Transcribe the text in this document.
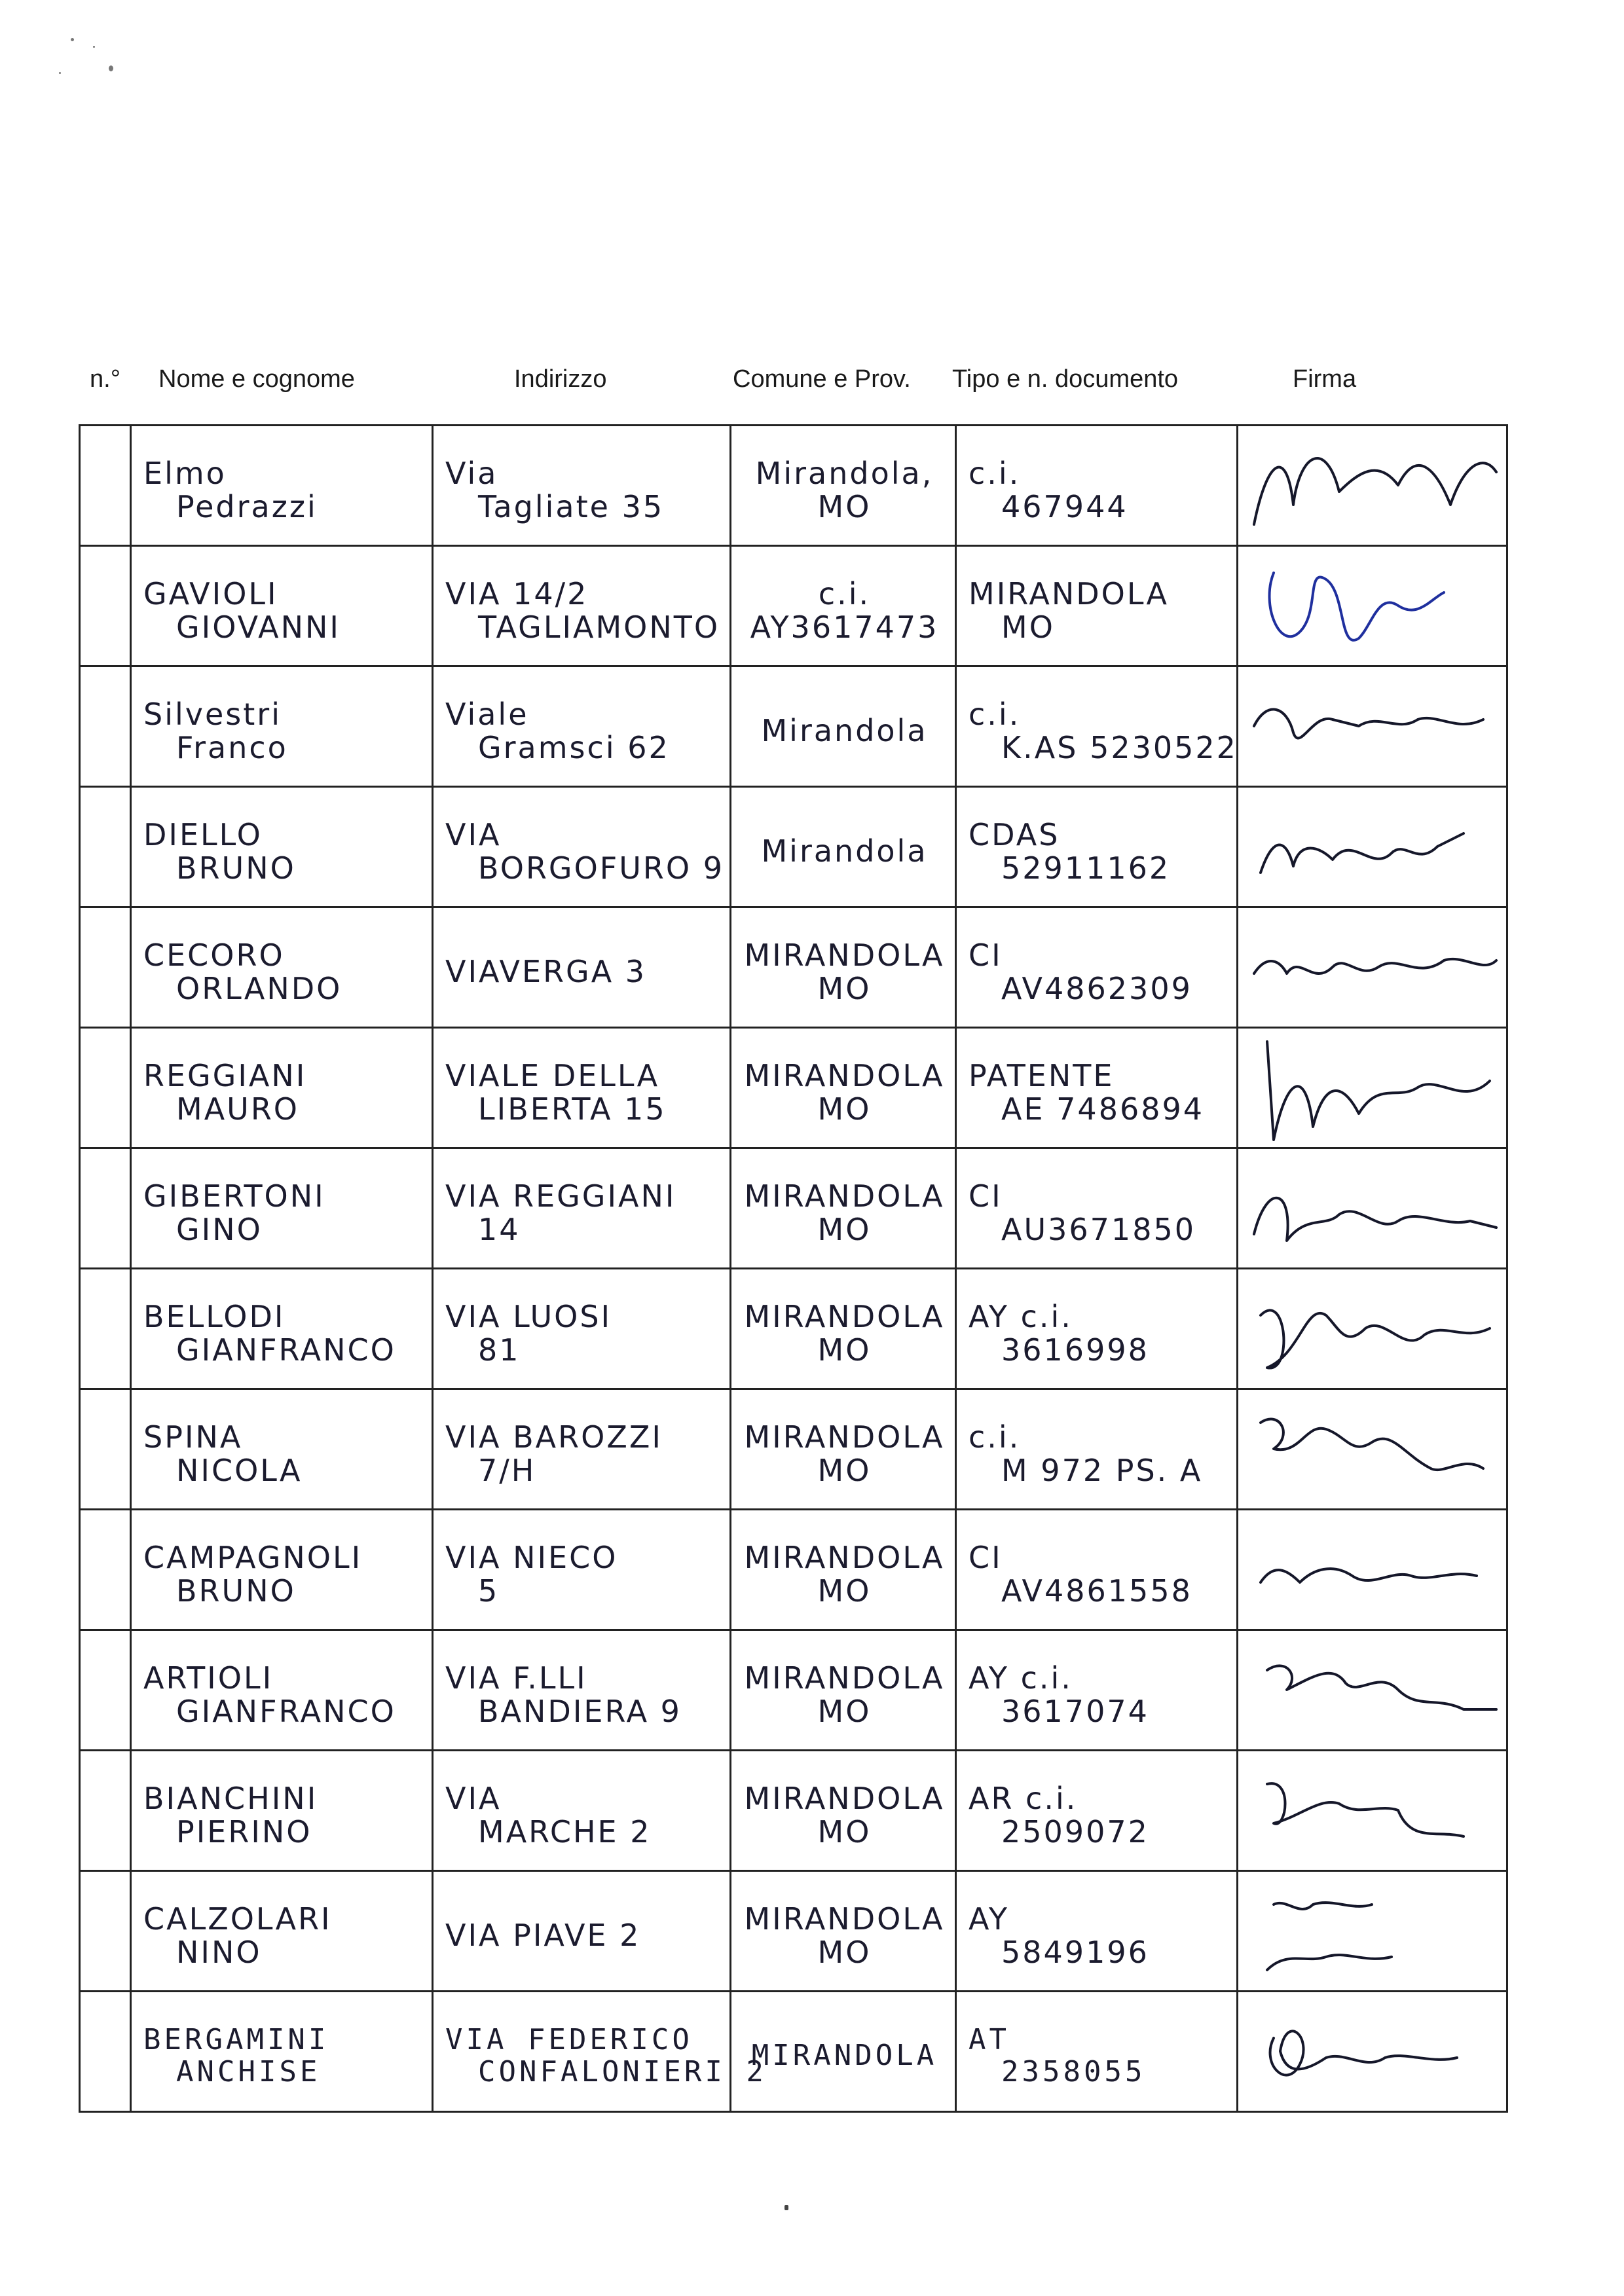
n.° Nome e cognome	Indirizzo	Comune e Prov. Tipo e n. documento	Firma

	Elmo
Pedrazzi	Via
Tagliate 35	Mirandola,
MO	c.i.
467944

	GAVIOLI
GIOVANNI	VIA 14/2
TAGLIAMONTO	c.i.
AY3617473	MIRANDOLA
MO

	Silvestri
Franco	Viale
Gramsci 62	Mirandola	c.i.
K.AS 5230522

	DIELLO
BRUNO	VIA
BORGOFURO 9	Mirandola	CDAS
52911162

	CECORO
ORLANDO	VIAVERGA 3	MIRANDOLA
MO	CI
AV4862309

	REGGIANI
MAURO	VIALE DELLA
LIBERTA 15	MIRANDOLA
MO	PATENTE
AE 7486894

	GIBERTONI
GINO	VIA REGGIANI
14	MIRANDOLA
MO	CI
AU3671850

	BELLODI
GIANFRANCO	VIA LUOSI
81	MIRANDOLA
MO	AY c.i.
3616998

	SPINA
NICOLA	VIA BAROZZI
7/H	MIRANDOLA
MO	c.i.
M 972 PS. A

	CAMPAGNOLI
BRUNO	VIA NIECO
5	MIRANDOLA
MO	CI
AV4861558

	ARTIOLI
GIANFRANCO	VIA F.LLI
BANDIERA 9	MIRANDOLA
MO	AY c.i.
3617074

	BIANCHINI
PIERINO	VIA
MARCHE 2	MIRANDOLA
MO	AR c.i.
2509072

	CALZOLARI
NINO	VIA PIAVE 2	MIRANDOLA
MO	AY
5849196

	BERGAMINI
ANCHISE	VIA FEDERICO
CONFALONIERI 2	MIRANDOLA	AT
2358055
